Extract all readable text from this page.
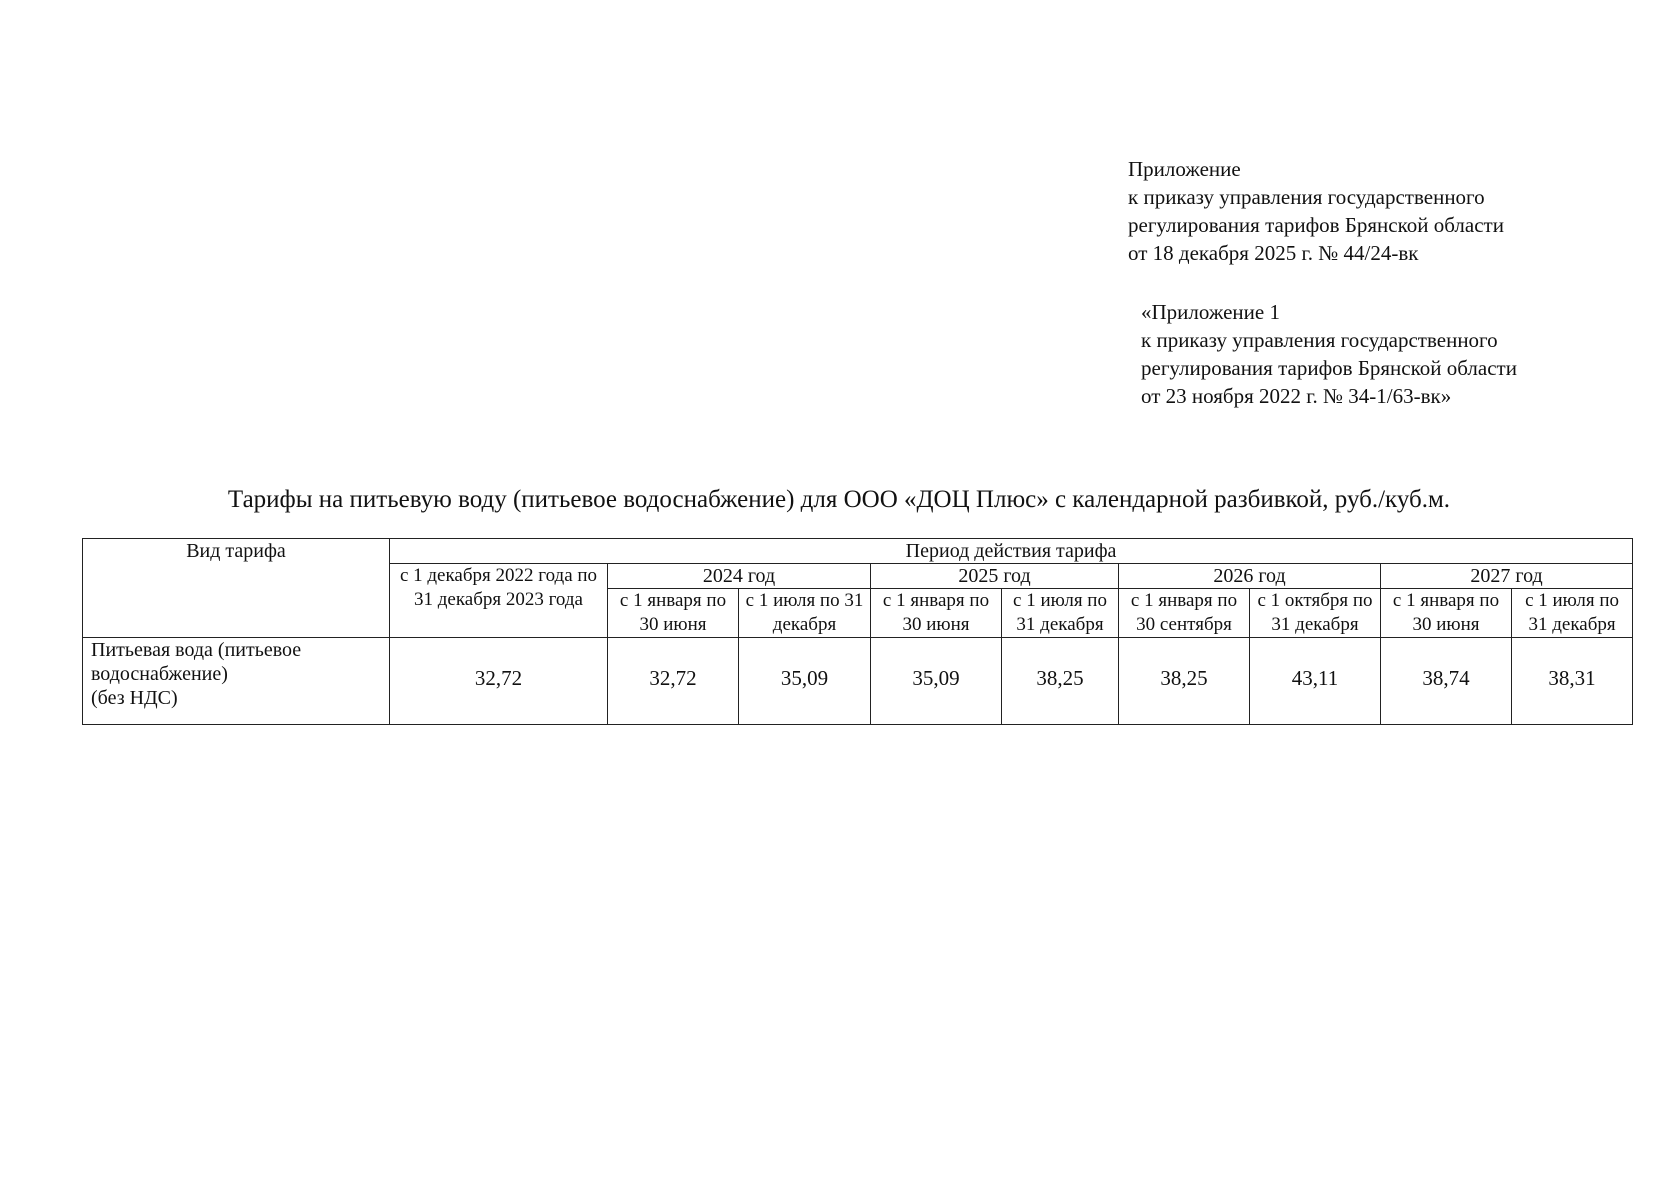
Приложение
к приказу управления государственного
регулирования тарифов Брянской области
от 18 декабря 2025 г. № 44/24-вк
«Приложение 1
к приказу управления государственного
регулирования тарифов Брянской области
от 23 ноября 2022 г. № 34-1/63-вк»
Тарифы на питьевую воду (питьевое водоснабжение) для ООО «ДОЦ Плюс» с календарной разбивкой, руб./куб.м.
Вид тарифа	Период действия тарифа								
	с 1 декабря 2022 года по 31 декабря 2023 года	2024 год		2025 год		2026 год		2027 год	
		с 1 января по 30 июня	с 1 июля по 31 декабря	с 1 января по 30 июня	с 1 июля по 31 декабря	с 1 января по 30 сентября	с 1 октября по 31 декабря	с 1 января по 30 июня	с 1 июля по 31 декабря

Питьевая вода (питьевое
водоснабжение)
(без НДС)	32,72	32,72	35,09	35,09	38,25	38,25	43,11	38,74	38,31
